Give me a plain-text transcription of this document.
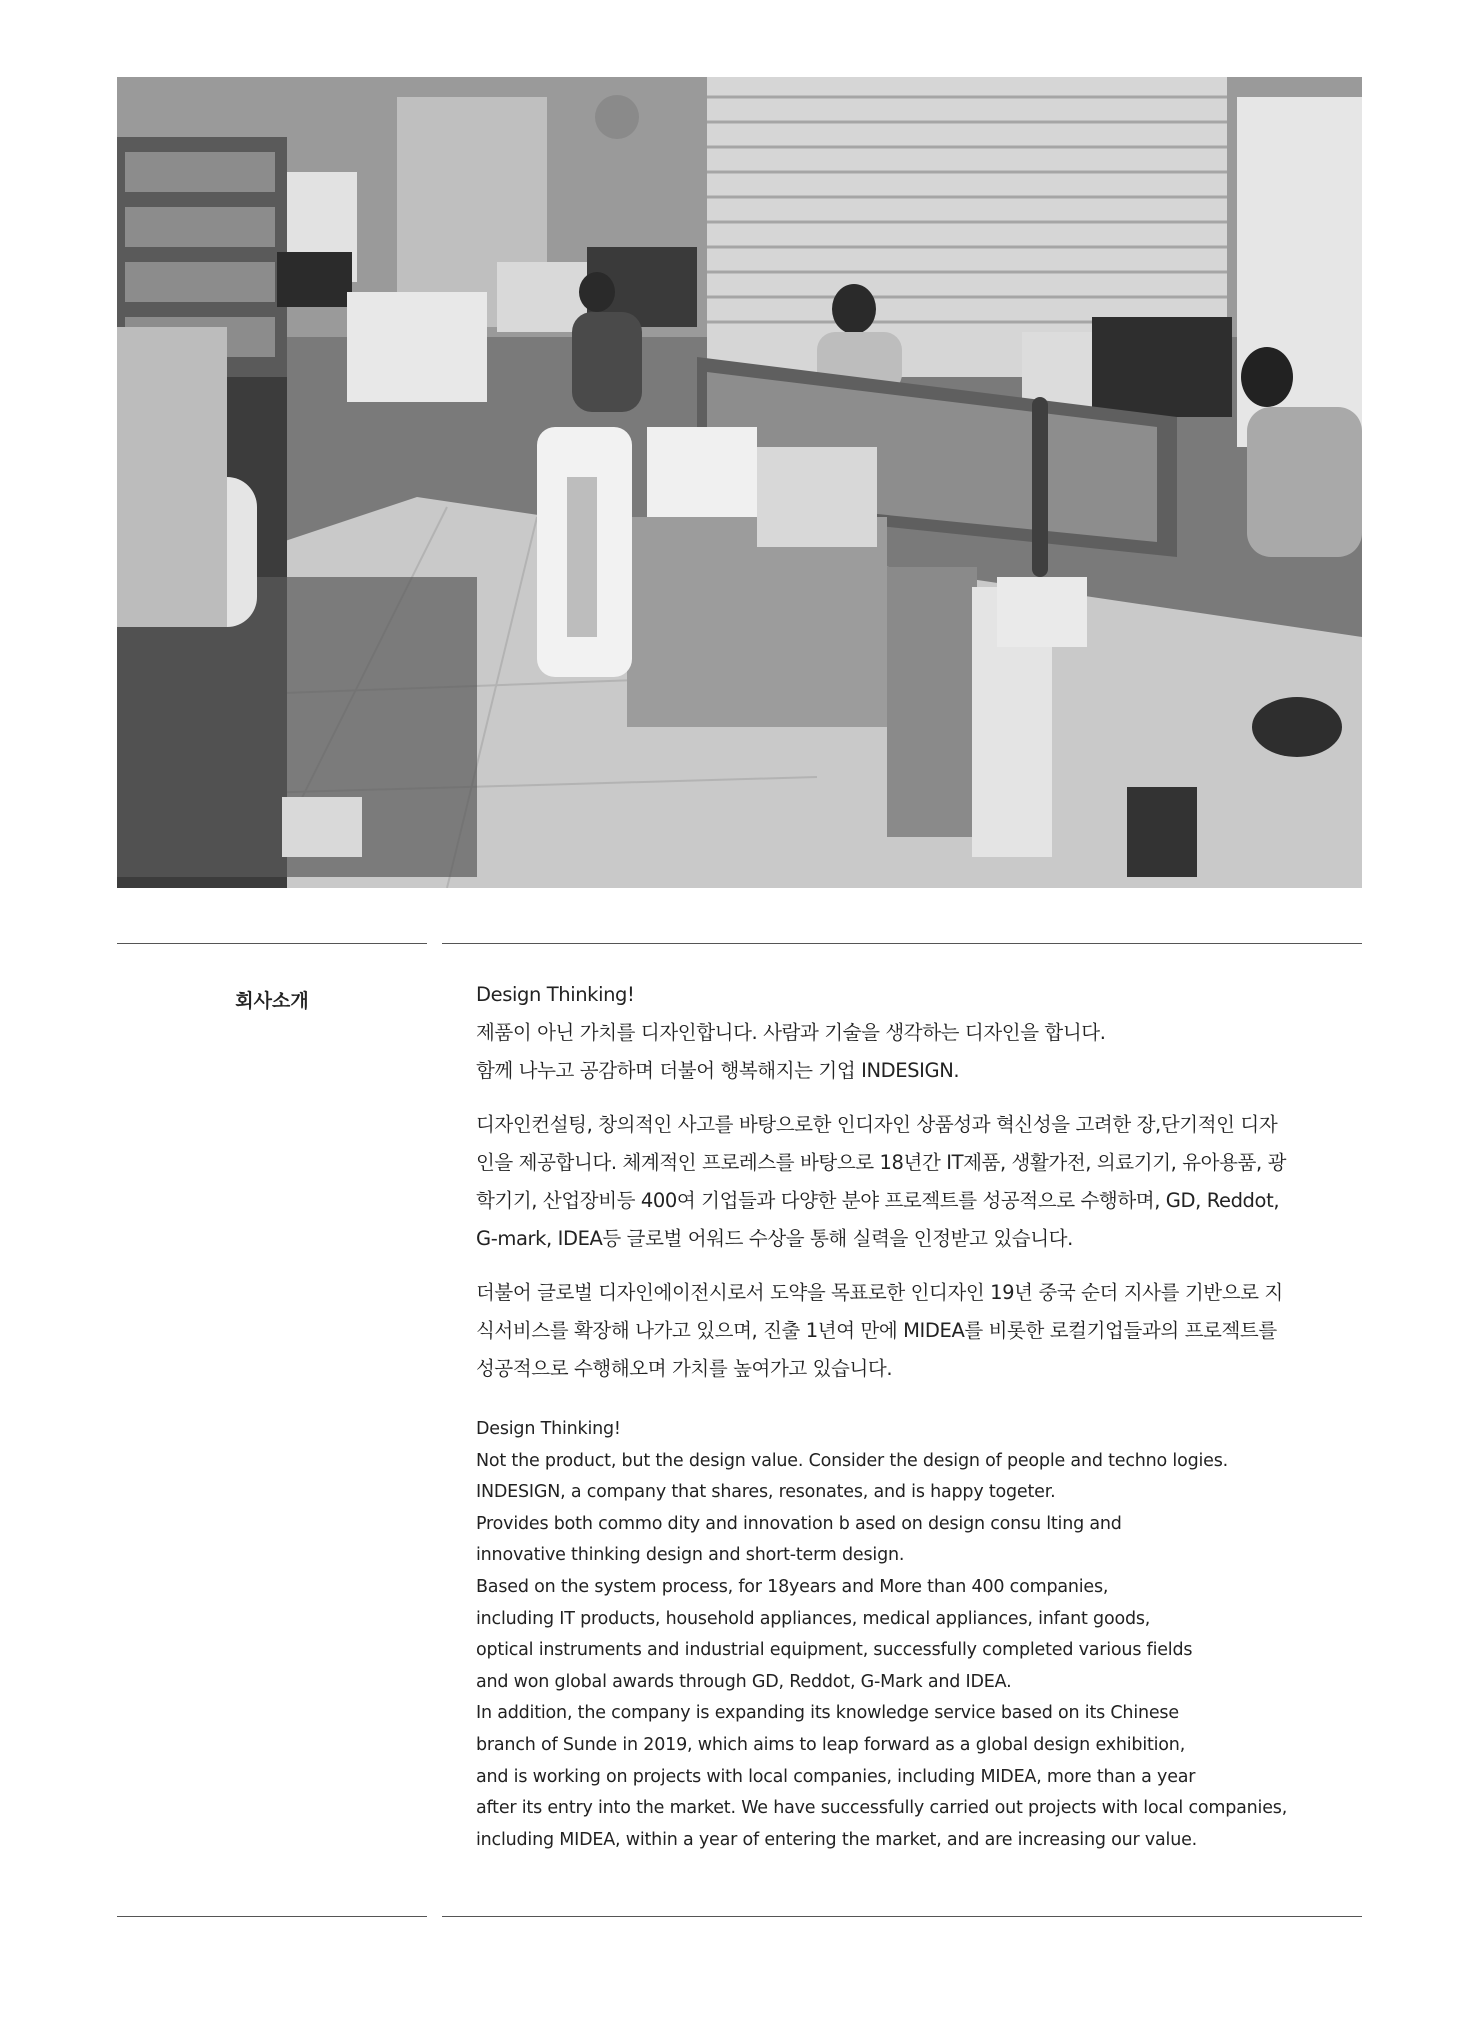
회사소개	Design Thinking!

제품이 아닌 가치를 디자인합니다. 사람과 기술을 생각하는 디자인을 합니다.

함께 나누고 공감하며 더불어 행복해지는 기업 INDESIGN.

디자인컨설팅, 창의적인 사고를 바탕으로한 인디자인 상품성과 혁신성을 고려한 장,단기적인 디자

인을 제공합니다. 체계적인 프로레스를 바탕으로 18년간 IT제품, 생활가전, 의료기기, 유아용품, 광

학기기, 산업장비등 400여 기업들과 다양한 분야 프로젝트를 성공적으로 수행하며, GD, Reddot,

G-mark, IDEA등 글로벌 어워드 수상을 통해 실력을 인정받고 있습니다.

더불어 글로벌 디자인에이전시로서 도약을 목표로한 인디자인 19년 중국 순더 지사를 기반으로 지

식서비스를 확장해 나가고 있으며, 진출 1년여 만에 MIDEA를 비롯한 로컬기업들과의 프로젝트를

성공적으로 수행해오며 가치를 높여가고 있습니다.

Design Thinking!

Not the product, but the design value. Consider the design of people and techno logies.

INDESIGN, a company that shares, resonates, and is happy togeter.

Provides both commo dity and innovation b ased on design consu lting and

innovative thinking design and short-term design.

Based on the system process, for 18years and More than 400 companies,

including IT products, household appliances, medical appliances, infant goods,

optical instruments and industrial equipment, successfully completed various fields

and won global awards through GD, Reddot, G-Mark and IDEA.

In addition, the company is expanding its knowledge service based on its Chinese

branch of Sunde in 2019, which aims to leap forward as a global design exhibition,

and is working on projects with local companies, including MIDEA, more than a year

after its entry into the market. We have successfully carried out projects with local companies,

including MIDEA, within a year of entering the market, and are increasing our value.
